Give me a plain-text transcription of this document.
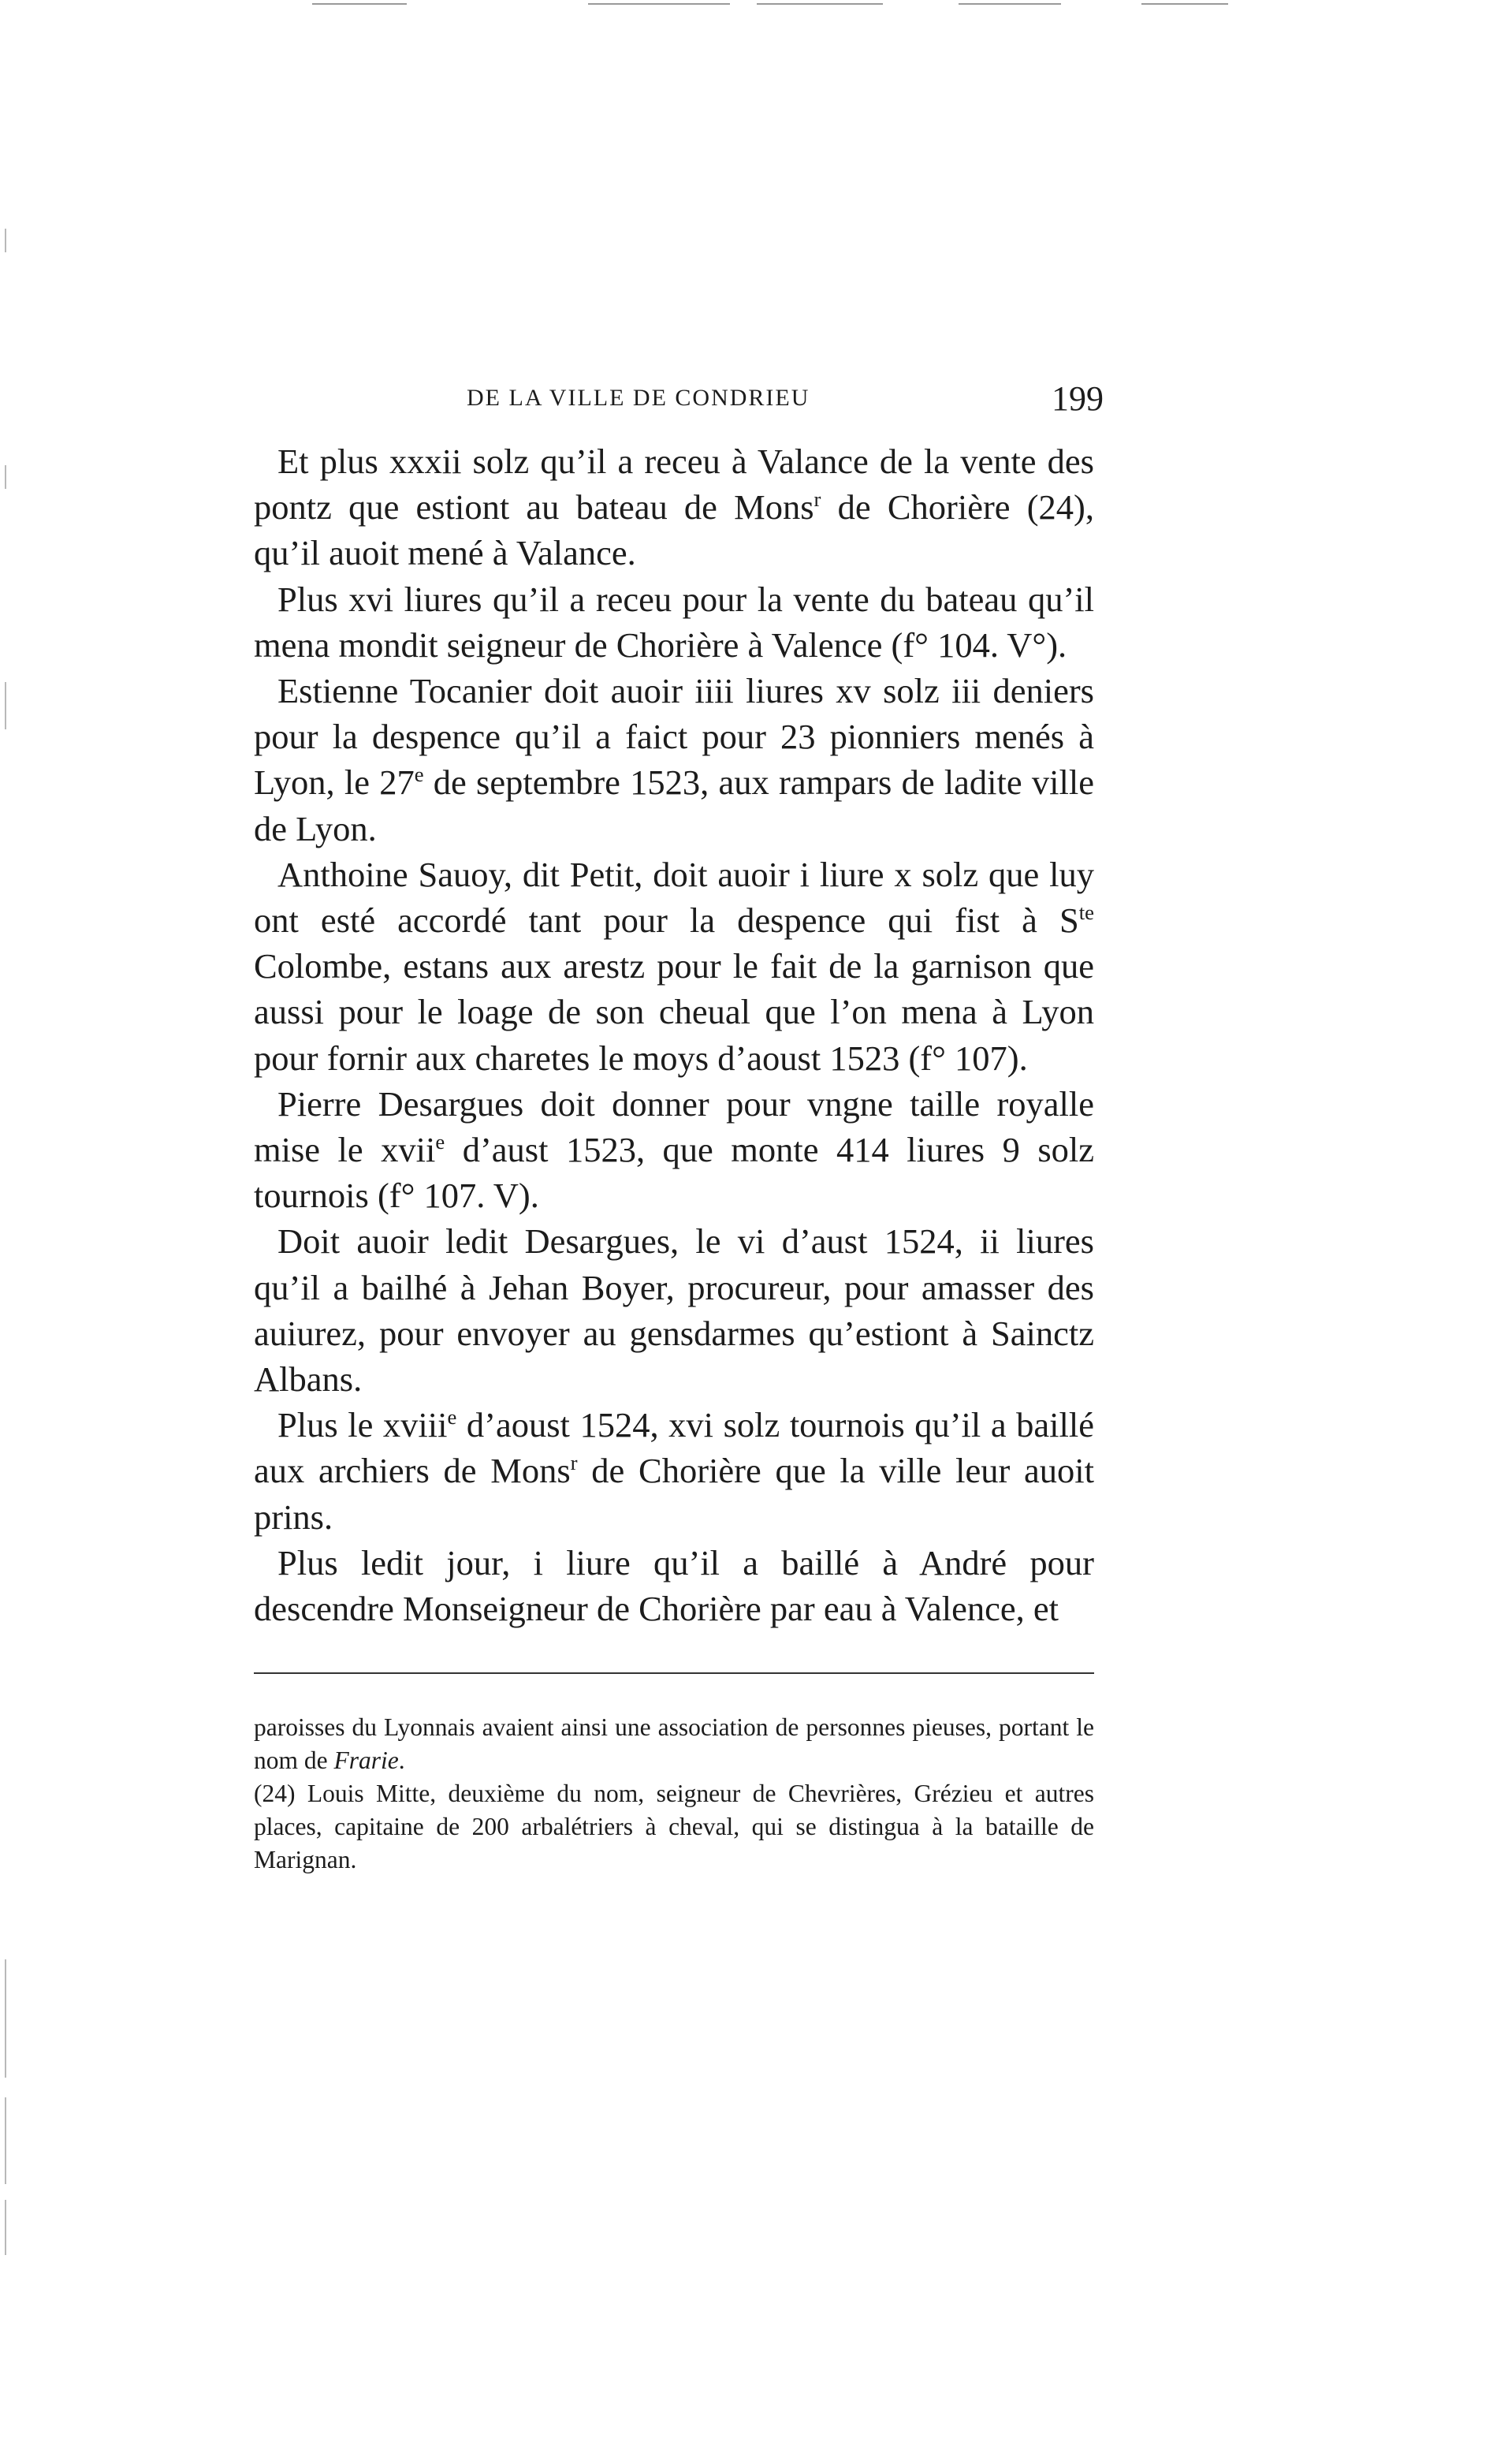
DE LA VILLE DE CONDRIEU	199

Et plus xxxii solz qu’il a receu à Valance de la vente des pontz que estiont au bateau de Mons$^r$ de Chorière (24), qu’il auoit mené à Valance.

Plus xvi liures qu’il a receu pour la vente du bateau qu’il mena mondit seigneur de Chorière à Valence (f° 104. V°).

Estienne Tocanier doit auoir iiii liures xv solz iii deniers pour la despence qu’il a faict pour 23 pionniers menés à Lyon, le 27e de septembre 1523, aux rampars de ladite ville de Lyon.

Anthoine Sauoy, dit Petit, doit auoir i liure x solz que luy ont esté accordé tant pour la despence qui fist à $S^{te}$ Colombe, estans aux arestz pour le fait de la garnison que aussi pour le loage de son cheual que l’on mena à Lyon pour fornir aux charetes le moys d’aoust 1523 (f° 107).

Pierre Desargues doit donner pour vngne taille royalle mise le xvii$^e$ d’aust 1523, que monte 414 liures 9 solz tournois (f° 107. V).

Doit auoir ledit Desargues, le vi d’aust 1524, ii liures qu’il a bailhé à Jehan Boyer, procureur, pour amasser des auiurez, pour envoyer au gensdarmes qu’estiont à Sainctz Albans.

Plus le xviii$^e$ d’aoust 1524, xvi solz tournois qu’il a baillé aux archiers de Mons$^r$ de Chorière que la ville leur auoit prins.

Plus ledit jour, i liure qu’il a baillé à André pour descendre Monseigneur de Chorière par eau à Valence, et

paroisses du Lyonnais avaient ainsi une association de personnes pieuses, portant le nom de Frarie.

(24) Louis Mitte, deuxième du nom, seigneur de Chevrières, Grézieu et autres places, capitaine de 200 arbalétriers à cheval, qui se distingua à la bataille de Marignan.
